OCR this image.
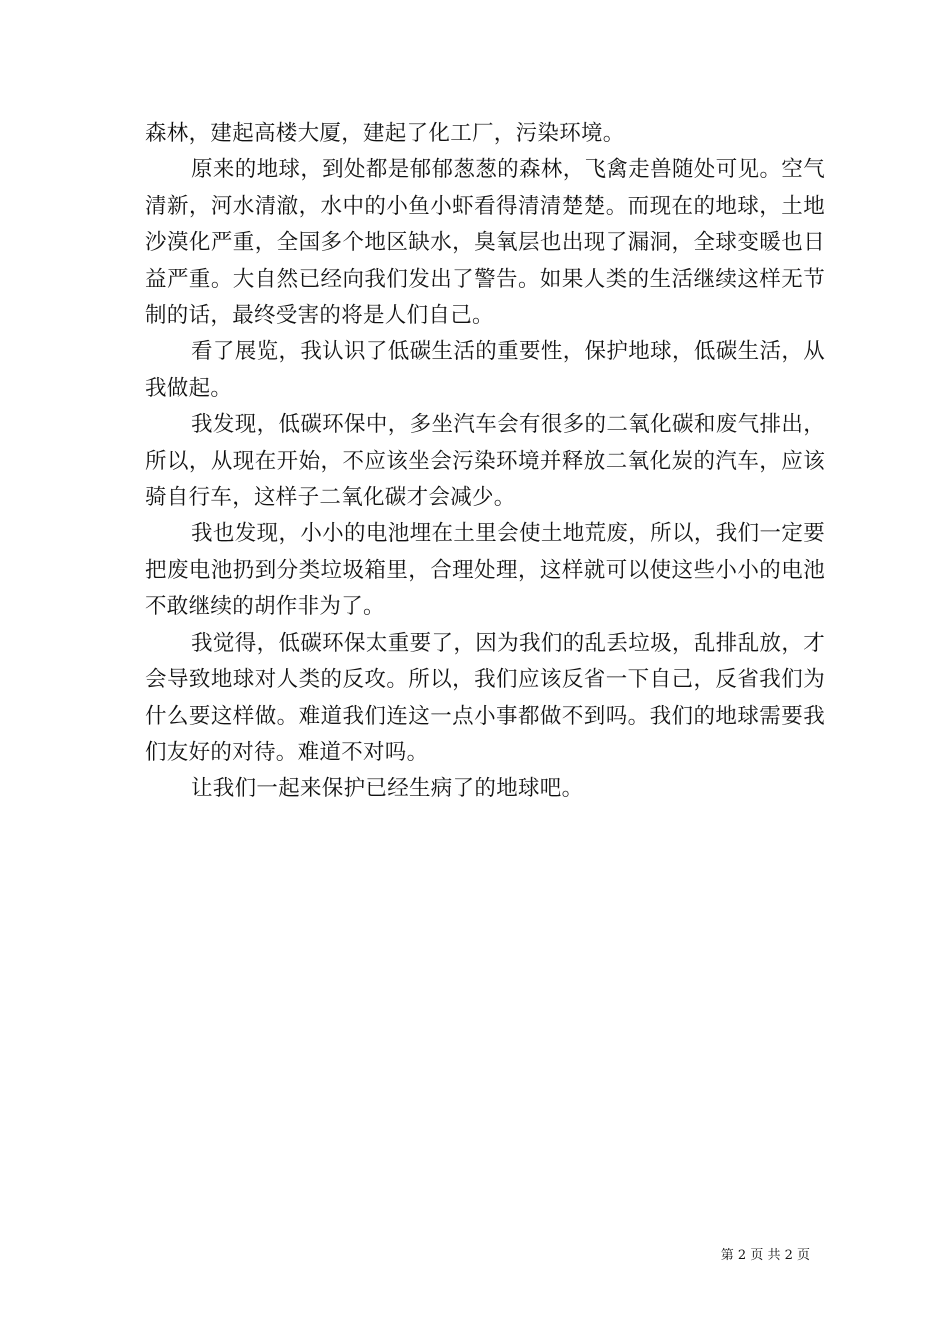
森林，建起高楼大厦，建起了化工厂，污染环境。

原来的地球，到处都是郁郁葱葱的森林，飞禽走兽随处可见。空气清新，河水清澈，水中的小鱼小虾看得清清楚楚。而现在的地球，土地沙漠化严重，全国多个地区缺水，臭氧层也出现了漏洞，全球变暖也日益严重。大自然已经向我们发出了警告。如果人类的生活继续这样无节制的话，最终受害的将是人们自己。

看了展览，我认识了低碳生活的重要性，保护地球，低碳生活，从我做起。

我发现，低碳环保中，多坐汽车会有很多的二氧化碳和废气排出，所以，从现在开始，不应该坐会污染环境并释放二氧化炭的汽车，应该骑自行车，这样子二氧化碳才会减少。

我也发现，小小的电池埋在土里会使土地荒废，所以，我们一定要把废电池扔到分类垃圾箱里，合理处理，这样就可以使这些小小的电池不敢继续的胡作非为了。

我觉得，低碳环保太重要了，因为我们的乱丢垃圾，乱排乱放，才会导致地球对人类的反攻。所以，我们应该反省一下自己，反省我们为什么要这样做。难道我们连这一点小事都做不到吗。我们的地球需要我们友好的对待。难道不对吗。

让我们一起来保护已经生病了的地球吧。

第 2 页 共 2 页
